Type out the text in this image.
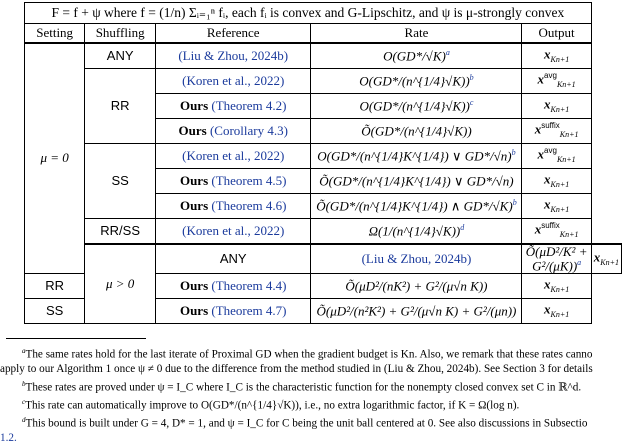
F = f + ψ where f = (1/n) Σᵢ₌₁ⁿ fᵢ, each fᵢ is convex and G-Lipschitz, and ψ is μ-strongly convex					
Setting	Shuffling	Reference	Rate	Output	
μ = 0	ANY	(Liu & Zhou, 2024b)	$O(GD*/√K)^a$	$x_{Kn+1}$
	RR	(Koren et al., 2022)	O(GD*/(n^{1/4}√K))$^b$	$x^{avg}_{Kn+1}$
		Ours (Theorem 4.2)	O(GD*/(n^{1/4}√K))$^c$	$x_{Kn+1}$
		Ours (Corollary 4.3)	Õ(GD*/(n^{1/4}√K))	$x^{suffix}_{Kn+1}$
	SS	(Koren et al., 2022)	O(GD*/(n^{1/4}K^{1/4}) ∨ GD*/√n)$^b$	$x^{avg}_{Kn+1}$
		Ours (Theorem 4.5)	Õ(GD*/(n^{1/4}K^{1/4}) ∨ GD*/√n)	$x_{Kn+1}$
		Ours (Theorem 4.6)	Õ(GD*/(n^{1/4}K^{1/4}) ∧ GD*/√K)$^b$	$x_{Kn+1}$
	RR/SS	(Koren et al., 2022)	Ω(1/(n^{1/4}√K))$^d$	$x^{suffix}_{Kn+1}$
	μ > 0	ANY	(Liu & Zhou, 2024b)	Õ(μD²/K² + G²/(μK))$^a$	$x_{Kn+1}$
RR		Ours (Theorem 4.4)	Õ(μD²/(nK²) + G²/(μ√n K))	$x_{Kn+1}$
SS		Ours (Theorem 4.7)	Õ(μD²/(n²K²) + G²/(μ√n K) + G²/(μn))	$x_{Kn+1}$

$^a$The same rates hold for the last iterate of Proximal GD when the gradient budget is Kn. Also, we remark that these rates canno

apply to our Algorithm 1 once ψ ≠ 0 due to the difference from the method studied in (Liu & Zhou, 2024b). See Section 3 for details

$^b$These rates are proved under ψ = I_C where I_C is the characteristic function for the nonempty closed convex set C in ℝ^d.

$^c$This rate can automatically improve to O(GD*/(n^{1/4}√K)), i.e., no extra logarithmic factor, if K = Ω(log n).

$^d$This bound is built under G = 4, D* = 1, and ψ = I_C for C being the unit ball centered at 0. See also discussions in Subsectio

1.2.
